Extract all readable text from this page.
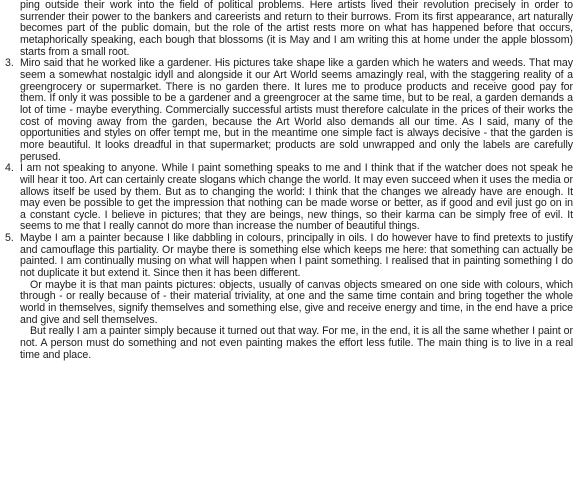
ping outside their work into the field of political problems. Here artists lived their revolution precisely in order to surrender their power to the bankers and careerists and return to their burrows. From its first appearance, art naturally becomes part of the public domain, but the role of the artist rests more on what has happened before that occurs, metaphorically speaking, each bough that blossoms (it is May and I am writing this at home under the apple blossom) starts from a small root.

3. Miro said that he worked like a gardener. His pictures take shape like a garden which he waters and weeds. That may seem a somewhat nostalgic idyll and alongside it our Art World seems amazingly real, with the staggering reality of a greengrocery or supermarket. There is no garden there. It lures me to produce products and receive good pay for them. If only it was possible to be a gardener and a greengrocer at the same time, but to be real, a garden demands a lot of time - maybe everything. Commercially successful artists must therefore calculate in the prices of their works the cost of moving away from the garden, because the Art World also demands all our time. As I said, many of the opportunities and styles on offer tempt me, but in the meantime one simple fact is always decisive - that the garden is more beautiful. It looks dreadful in that supermarket; products are sold unwrapped and only the labels are carefully perused.
4. I am not speaking to anyone. While I paint something speaks to me and I think that if the watcher does not speak he will hear it too. Art can certainly create slogans which change the world. It may even succeed when it uses the media or allows itself be used by them. But as to changing the world: I think that the changes we already have are enough. It may even be possible to get the impression that nothing can be made worse or better, as if good and evil just go on in a constant cycle. I believe in pictures; that they are beings, new things, so their karma can be simply free of evil. It seems to me that I really cannot do more than increase the number of beautiful things.
5. Maybe I am a painter because I like dabbling in colours, principally in oils. I do however have to find pretexts to justify and camouflage this partiality. Or maybe there is something else which keeps me here: that something can actually be painted. I am continually musing on what will happen when I paint something. I realised that in painting something I do not duplicate it but extend it. Since then it has been different.

Or maybe it is that man paints pictures: objects, usually of canvas objects smeared on one side with colours, which through - or really because of - their material triviality, at one and the same time contain and bring together the whole world in themselves, signify themselves and something else, give and receive energy and time, in the end have a price and give and sell themselves.

But really I am a painter simply because it turned out that way. For me, in the end, it is all the same whether I paint or not. A person must do something and not even painting makes the effort less futile. The main thing is to live in a real time and place.
